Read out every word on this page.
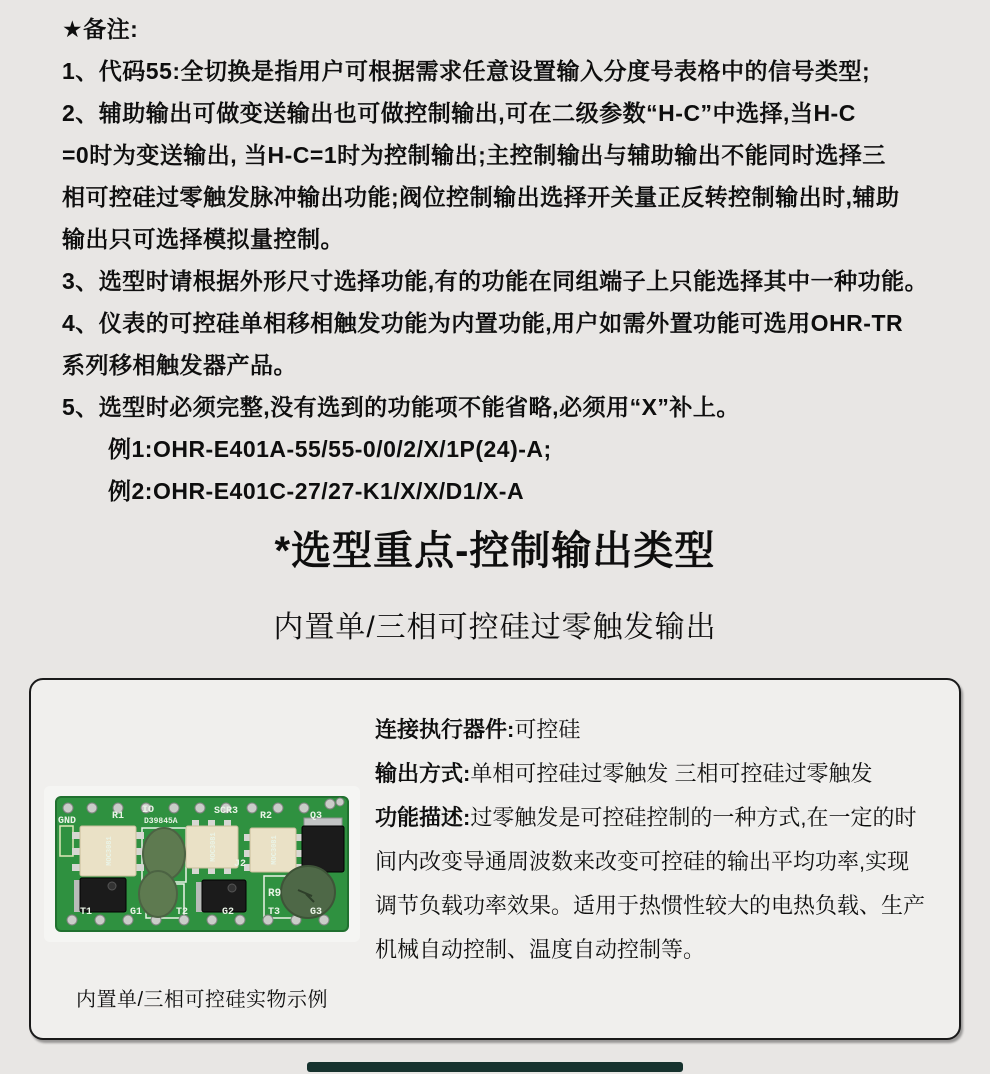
★备注:
1、代码55:全切换是指用户可根据需求任意设置输入分度号表格中的信号类型;
2、辅助输出可做变送输出也可做控制输出,可在二级参数“H-C”中选择,当H-C
=0时为变送输出, 当H-C=1时为控制输出;主控制输出与辅助输出不能同时选择三
相可控硅过零触发脉冲输出功能;阀位控制输出选择开关量正反转控制输出时,辅助
输出只可选择模拟量控制。
3、选型时请根据外形尺寸选择功能,有的功能在同组端子上只能选择其中一种功能。
4、仪表的可控硅单相移相触发功能为内置功能,用户如需外置功能可选用OHR-TR
系列移相触发器产品。
5、选型时必须完整,没有选到的功能项不能省略,必须用“X”补上。
例1:OHR-E401A-55/55-0/0/2/X/1P(24)-A;
例2:OHR-E401C-27/27-K1/X/X/D1/X-A
*选型重点-控制输出类型
内置单/三相可控硅过零触发输出
MOC3081	MOC3081	MOC3081
GND	R1
IO
D39845A
SCR3 R2	Q3
J2
R9
T1	G1	T2	G2	T3	G3
连接执行器件:可控硅
输出方式:单相可控硅过零触发 三相可控硅过零触发
功能描述:过零触发是可控硅控制的一种方式,在一定的时间内改变导通周波数来改变可控硅的输出平均功率,实现调节负载功率效果。适用于热惯性较大的电热负载、生产机械自动控制、温度自动控制等。
内置单/三相可控硅实物示例
